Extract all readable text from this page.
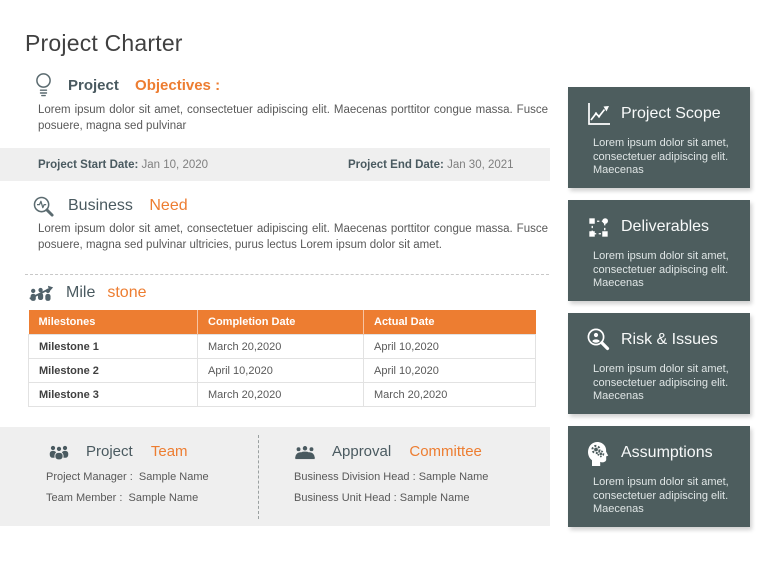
Project Charter
Project Objectives :
Lorem ipsum dolor sit amet, consectetuer adipiscing elit. Maecenas porttitor congue massa. Fusce posuere, magna sed pulvinar
Project Start Date: Jan 10, 2020	Project End Date: Jan 30, 2021
Business Need
Lorem ipsum dolor sit amet, consectetuer adipiscing elit. Maecenas porttitor congue massa. Fusce posuere, magna sed pulvinar ultricies, purus lectus Lorem ipsum dolor sit amet.
Mile stone
Milestones	Completion Date	Actual Date
Milestone 1	March 20,2020	April 10,2020
Milestone 2	April 10,2020	April 10,2020
Milestone 3	March 20,2020	March 20,2020
Project Team
Project Manager :  Sample Name
Team Member :  Sample Name
Approval Committee
Business Division Head : Sample Name
Business Unit Head : Sample Name
Project Scope
Lorem ipsum dolor sit amet, consectetuer adipiscing elit. Maecenas
Deliverables
Lorem ipsum dolor sit amet, consectetuer adipiscing elit. Maecenas
Risk & Issues
Lorem ipsum dolor sit amet, consectetuer adipiscing elit. Maecenas
Assumptions
Lorem ipsum dolor sit amet, consectetuer adipiscing elit. Maecenas
